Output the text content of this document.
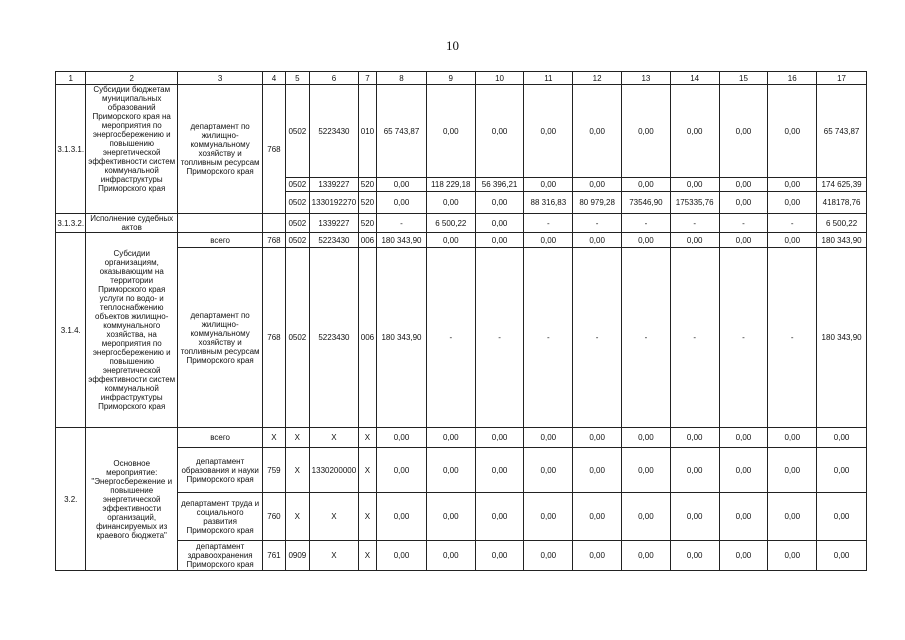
10
1	2	3	4	5	6	7	8	9	10	11	12	13	14	15	16	17
3.1.3.1.	Субсидии бюджетам муниципальных образований Приморского края на мероприятия по энергосбережению и повышению энергетической эффективности систем коммунальной инфраструктуры Приморского края	департамент по жилищно-коммунальному хозяйству и топливным ресурсам Приморского края	768	0502	5223430	010	65 743,87	0,00	0,00	0,00	0,00	0,00	0,00	0,00	0,00	65 743,87
				0502	1339227	520	0,00	118 229,18	56 396,21	0,00	0,00	0,00	0,00	0,00	0,00	174 625,39
				0502	1330192270	520	0,00	0,00	0,00	88 316,83	80 979,28	73546,90	175335,76	0,00	0,00	418178,76
3.1.3.2.	Исполнение судебных актов			0502	1339227	520	-	6 500,22	0,00	-	-	-	-	-	-	6 500,22
3.1.4.	Субсидии организациям, оказывающим на территории Приморского края услуги по водо- и теплоснабжению объектов жилищно-коммунального хозяйства, на мероприятия по энергосбережению и повышению энергетической эффективности систем коммунальной инфраструктуры Приморского края	всего	768	0502	5223430	006	180 343,90	0,00	0,00	0,00	0,00	0,00	0,00	0,00	0,00	180 343,90
		департамент по жилищно-коммунальному хозяйству и топливным ресурсам Приморского края	768	0502	5223430	006	180 343,90	-	-	-	-	-	-	-	-	180 343,90
3.2.	Основное мероприятие: "Энергосбережение и повышение энергетической эффективности организаций, финансируемых из краевого бюджета"	всего	X	X	X	X	0,00	0,00	0,00	0,00	0,00	0,00	0,00	0,00	0,00	0,00
		департамент образования и науки Приморского края	759	X	1330200000	X	0,00	0,00	0,00	0,00	0,00	0,00	0,00	0,00	0,00	0,00
		департамент труда и социального развития Приморского края	760	X	X	X	0,00	0,00	0,00	0,00	0,00	0,00	0,00	0,00	0,00	0,00
		департамент здравоохранения Приморского края	761	0909	X	X	0,00	0,00	0,00	0,00	0,00	0,00	0,00	0,00	0,00	0,00
